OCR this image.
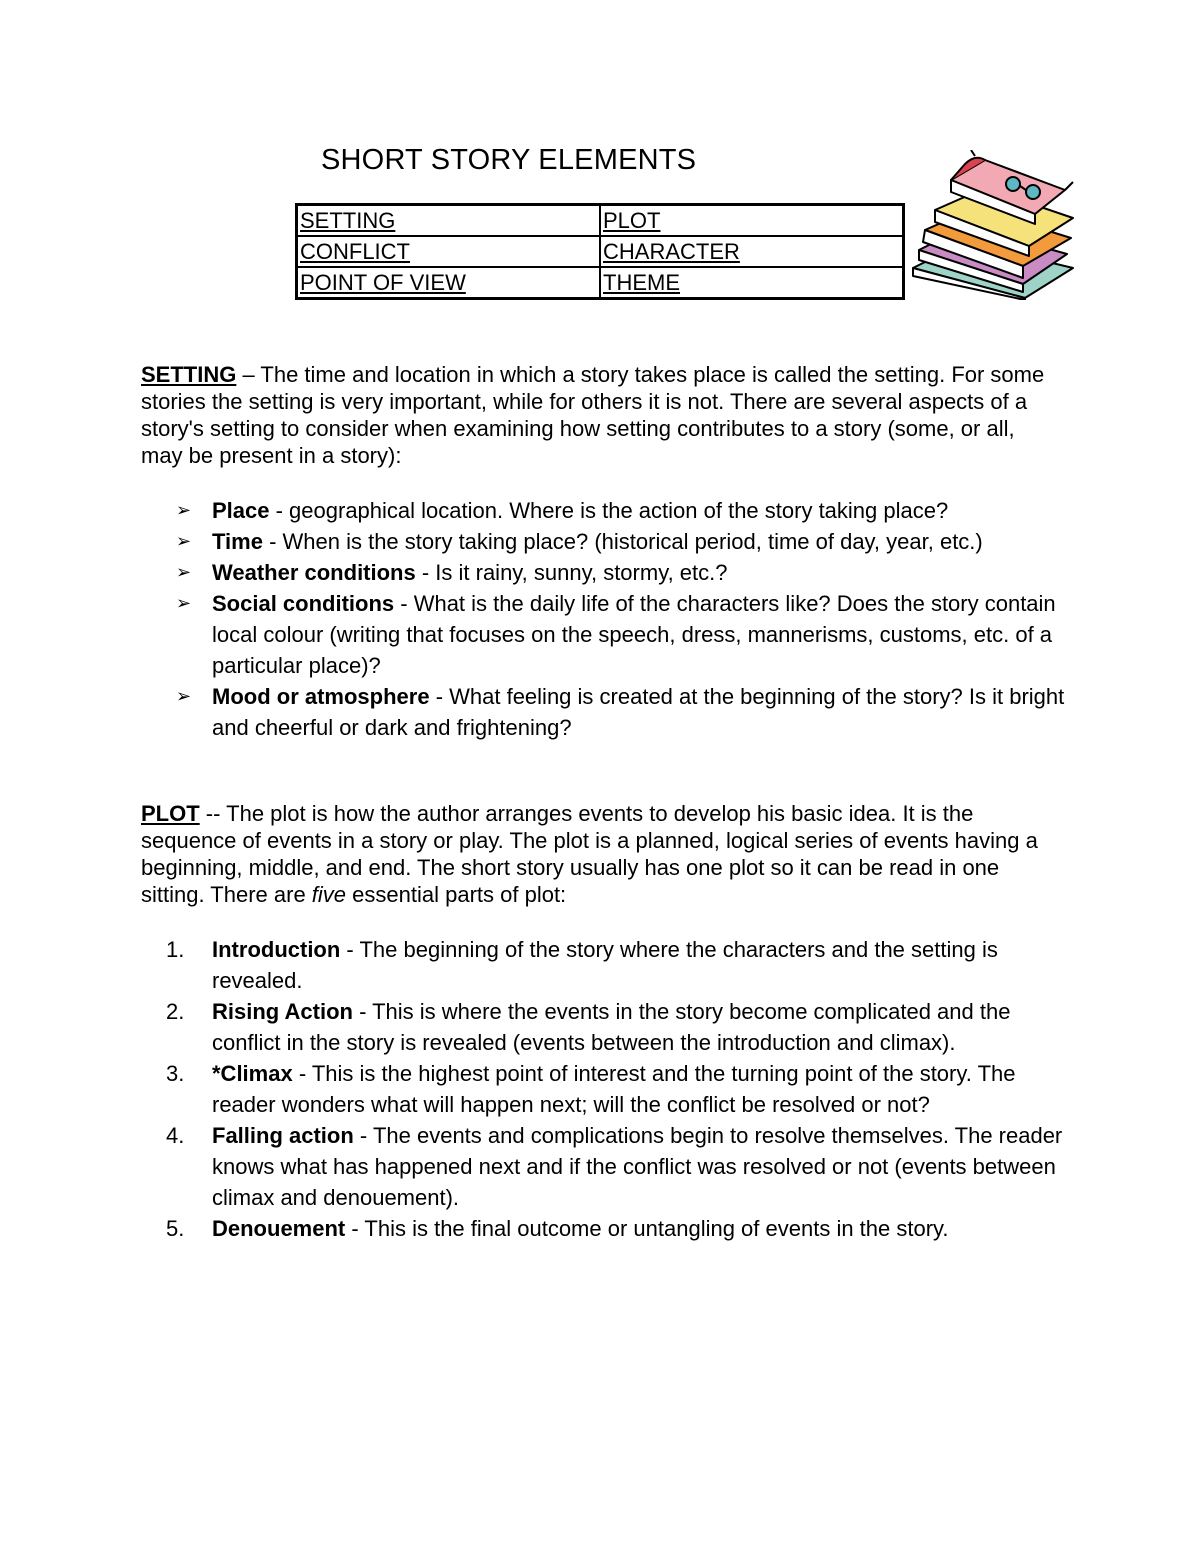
SHORT STORY ELEMENTS
SETTING	PLOT
CONFLICT	CHARACTER
POINT OF VIEW	THEME

SETTING – The time and location in which a story takes place is called the setting. For some stories the setting is very important, while for others it is not. There are several aspects of a story's setting to consider when examining how setting contributes to a story (some, or all, may be present in a story):

➢ Place - geographical location. Where is the action of the story taking place?
➢ Time - When is the story taking place? (historical period, time of day, year, etc.)
➢ Weather conditions - Is it rainy, sunny, stormy, etc.?
➢ Social conditions - What is the daily life of the characters like? Does the story contain local colour (writing that focuses on the speech, dress, mannerisms, customs, etc. of a particular place)?
➢ Mood or atmosphere - What feeling is created at the beginning of the story? Is it bright and cheerful or dark and frightening?

PLOT -- The plot is how the author arranges events to develop his basic idea. It is the sequence of events in a story or play. The plot is a planned, logical series of events having a beginning, middle, and end. The short story usually has one plot so it can be read in one sitting. There are five essential parts of plot:

1. Introduction - The beginning of the story where the characters and the setting is revealed.
2. Rising Action - This is where the events in the story become complicated and the conflict in the story is revealed (events between the introduction and climax).
3. *Climax - This is the highest point of interest and the turning point of the story. The reader wonders what will happen next; will the conflict be resolved or not?
4. Falling action - The events and complications begin to resolve themselves. The reader knows what has happened next and if the conflict was resolved or not (events between climax and denouement).
5. Denouement - This is the final outcome or untangling of events in the story.
